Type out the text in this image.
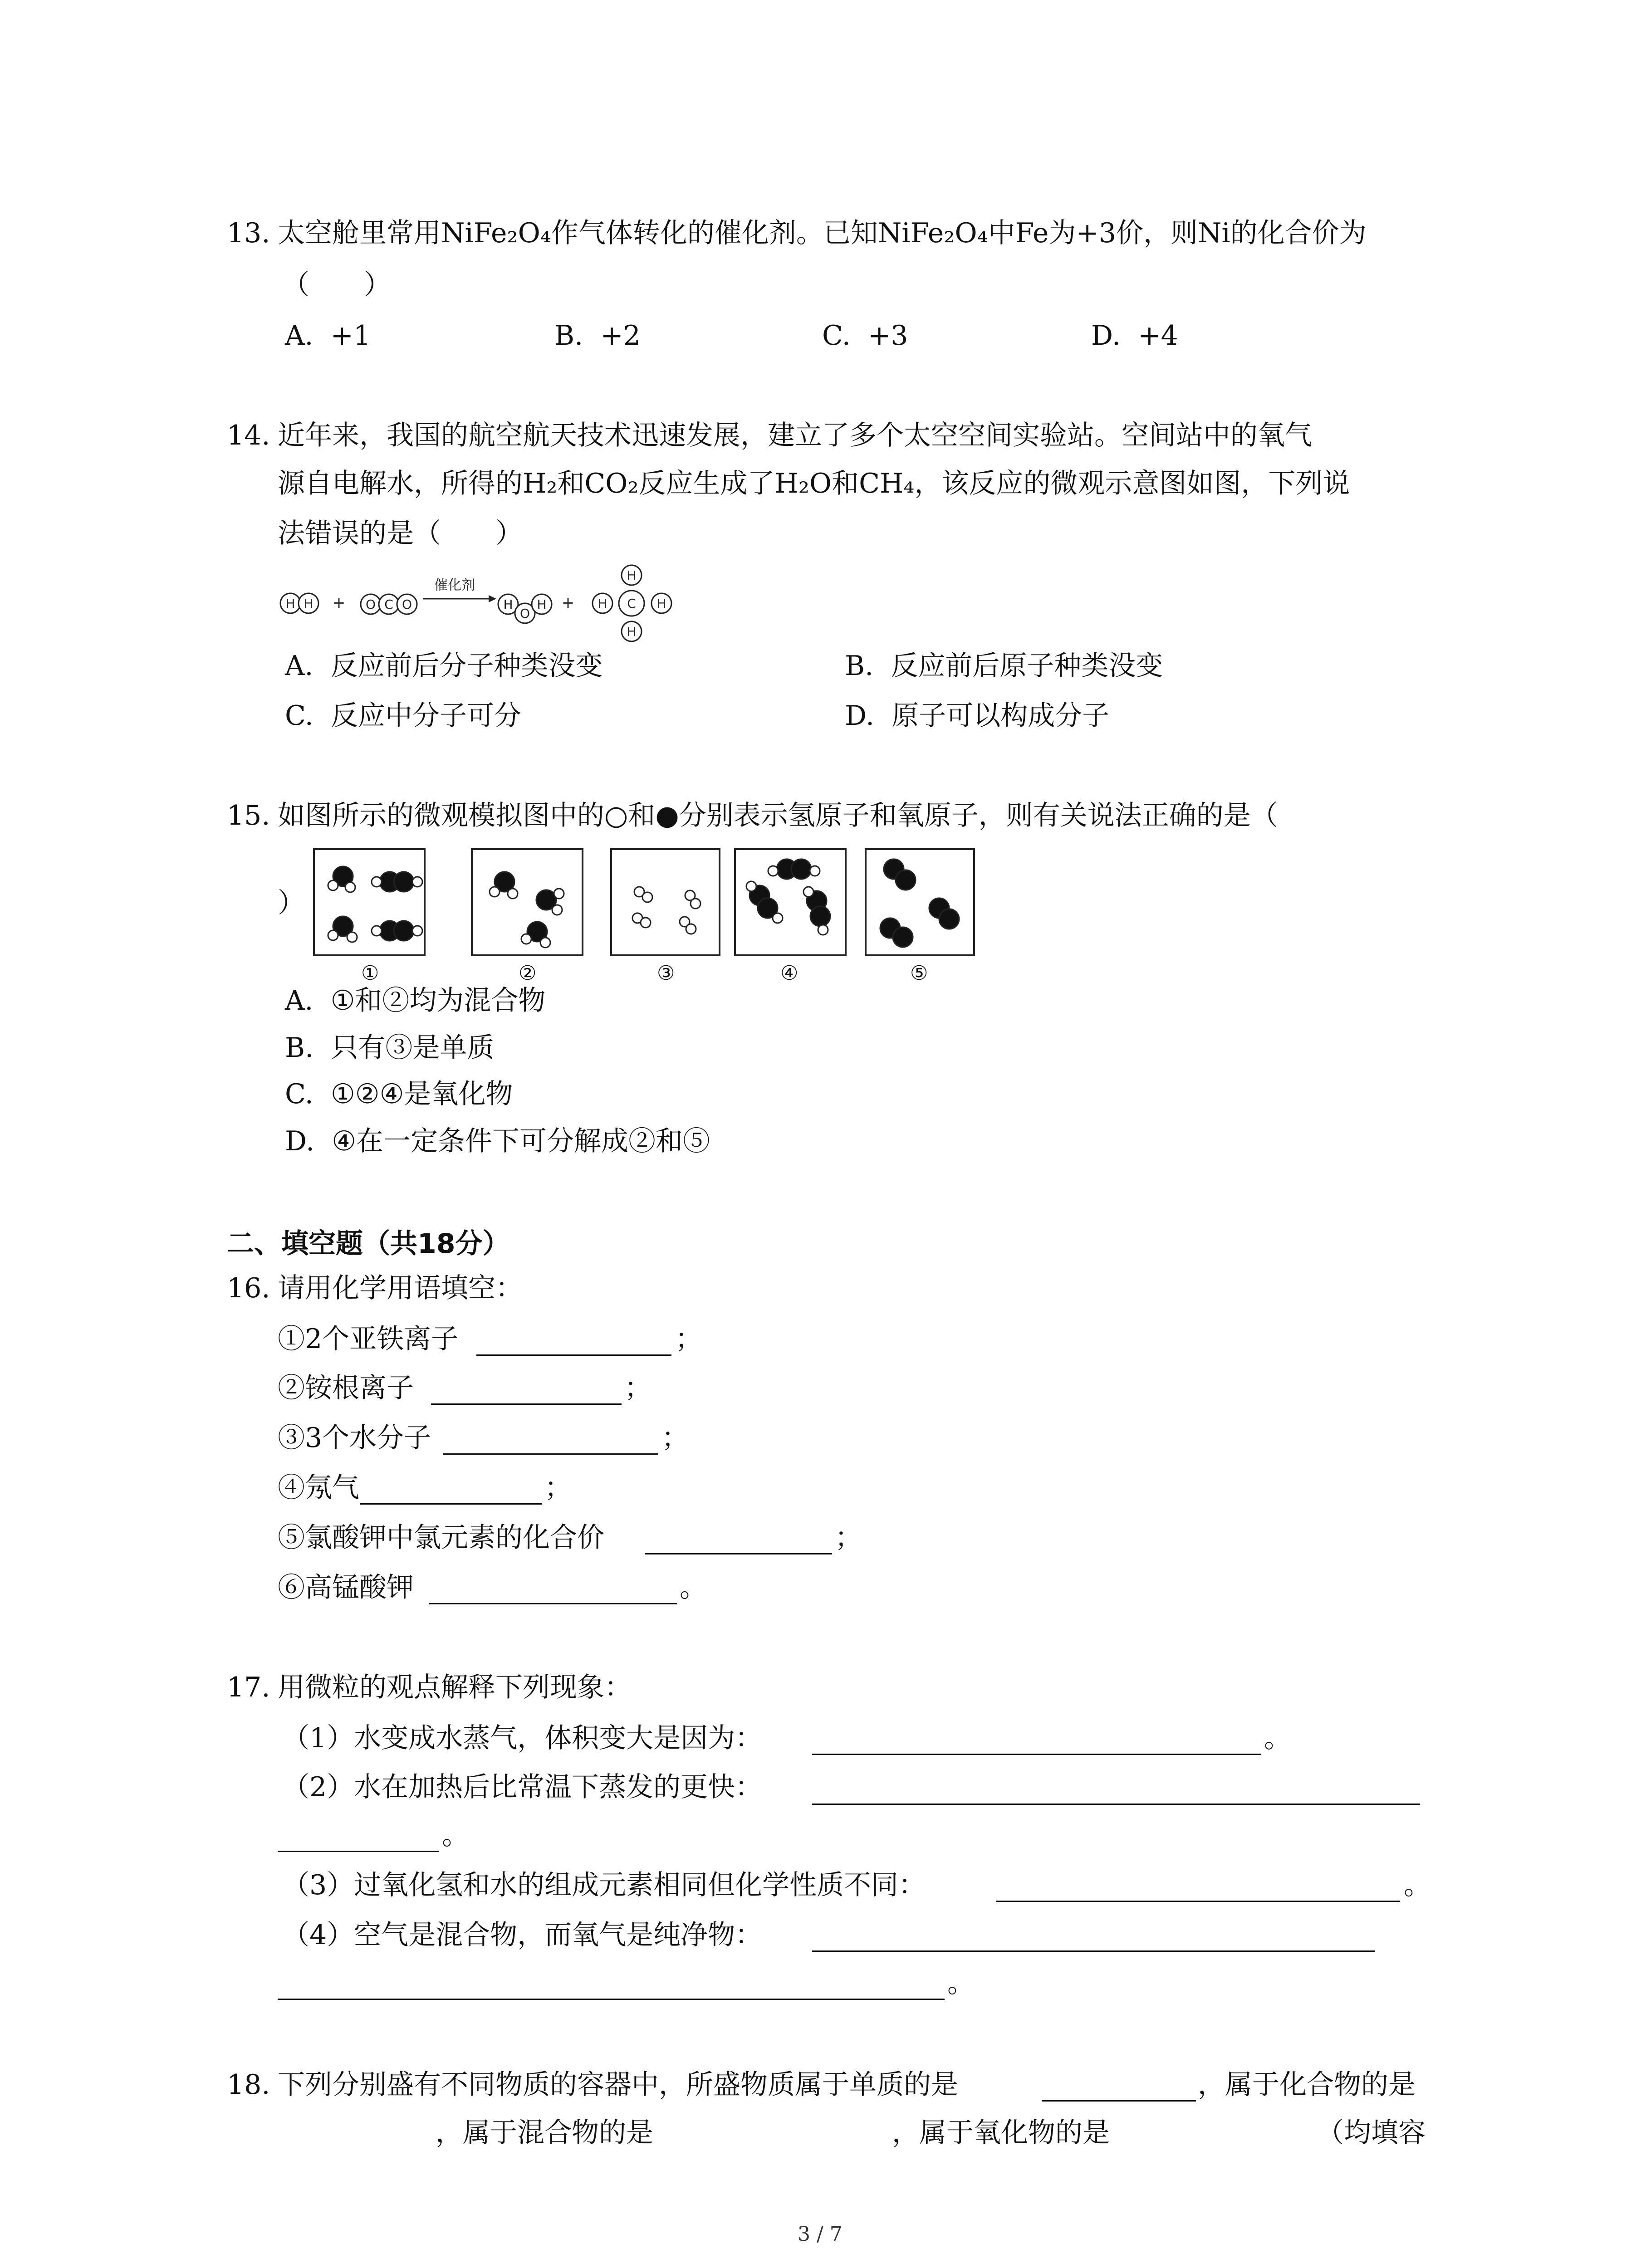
13. 太空舱里常用NiFe₂O₄作气体转化的催化剂。已知NiFe₂O₄中Fe为+3价，则Ni的化合价为
（　　）
A. +1	B. +2	C. +3	D. +4
14. 近年来，我国的航空航天技术迅速发展，建立了多个太空空间实验站。空间站中的氧气
源自电解水，所得的H₂和CO₂反应生成了H₂O和CH₄，该反应的微观示意图如图，下列说
法错误的是（　　）
H H + O C O
催化剂
H
O
H +
H
H C H
H
A. 反应前后分子种类没变	B. 反应前后原子种类没变
C. 反应中分子可分	D. 原子可以构成分子
15. 如图所示的微观模拟图中的○和●分别表示氢原子和氧原子，则有关说法正确的是（
）
①	②	③	④	⑤
A. ①和②均为混合物
B. 只有③是单质
C. ①②④是氧化物
D. ④在一定条件下可分解成②和⑤
二、填空题（共18分）
16. 请用化学用语填空：
①2个亚铁离子	；
②铵根离子	；
③3个水分子	；
④氖气	；
⑤氯酸钾中氯元素的化合价	；
⑥高锰酸钾	。
17. 用微粒的观点解释下列现象：
（1）水变成水蒸气，体积变大是因为：	。
（2）水在加热后比常温下蒸发的更快：
。
（3）过氧化氢和水的组成元素相同但化学性质不同：	。
（4）空气是混合物，而氧气是纯净物：
。
18. 下列分别盛有不同物质的容器中，所盛物质属于单质的是	，属于化合物的是
，属于混合物的是	，属于氧化物的是	（均填容
3 / 7
